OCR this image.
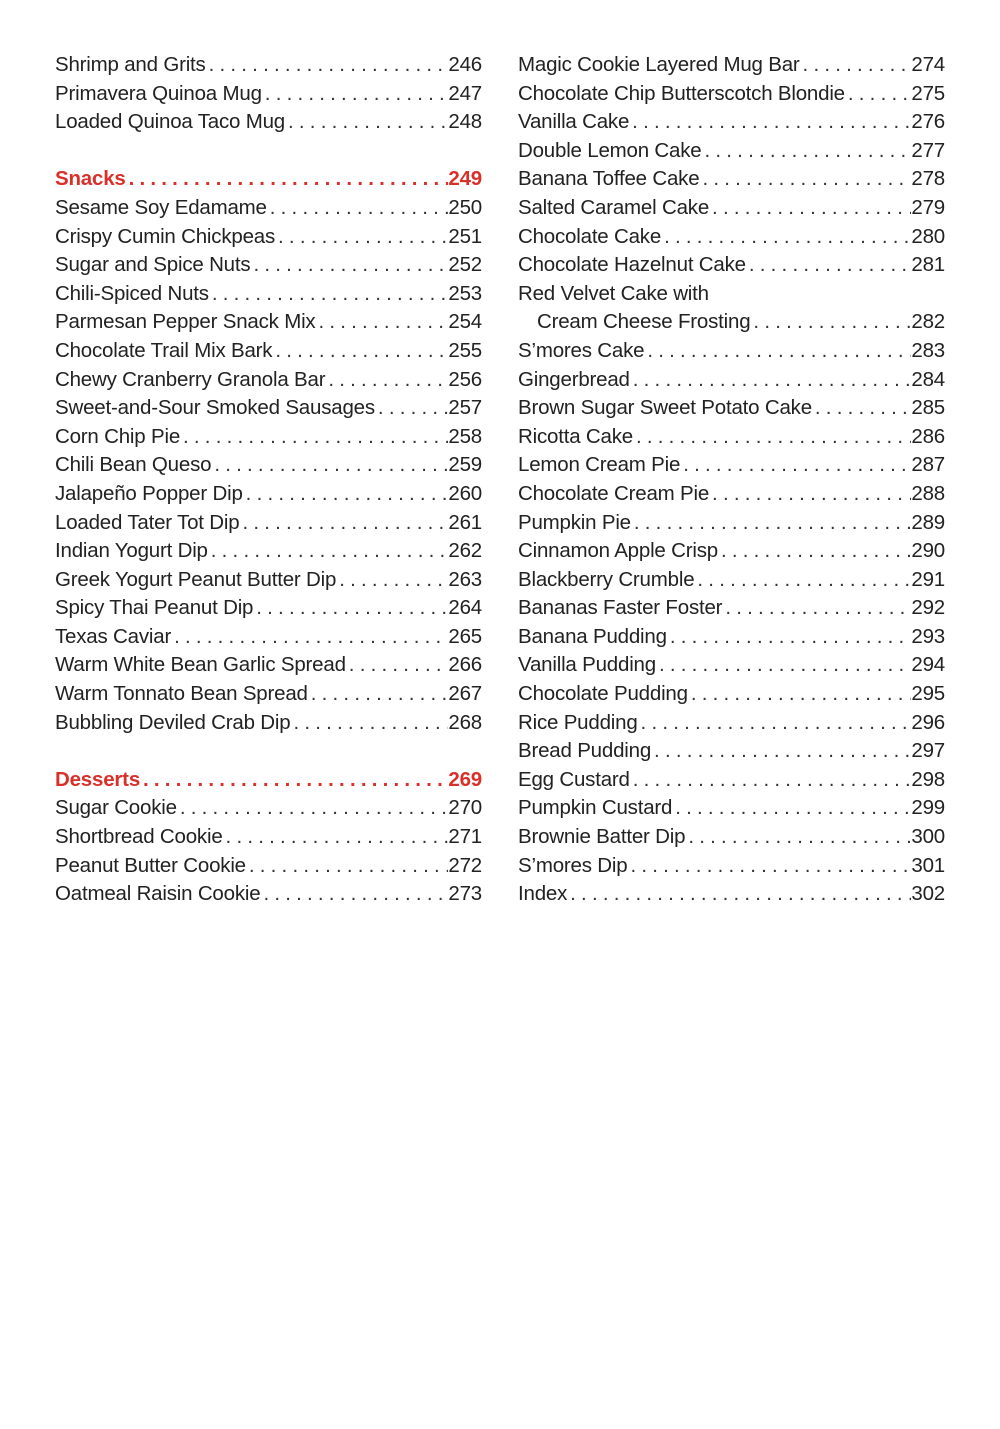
Shrimp and Grits . . .	246
Primavera Quinoa Mug . . .	247
Loaded Quinoa Taco Mug . . .	248
Snacks . . .	249
Sesame Soy Edamame . . .	250
Crispy Cumin Chickpeas . . .	251
Sugar and Spice Nuts . . .	252
Chili-Spiced Nuts . . .	253
Parmesan Pepper Snack Mix . . .	254
Chocolate Trail Mix Bark . . .	255
Chewy Cranberry Granola Bar . . .	256
Sweet-and-Sour Smoked Sausages . . .	257
Corn Chip Pie . . .	258
Chili Bean Queso . . .	259
Jalapeño Popper Dip . . .	260
Loaded Tater Tot Dip . . .	261
Indian Yogurt Dip . . .	262
Greek Yogurt Peanut Butter Dip . . .	263
Spicy Thai Peanut Dip . . .	264
Texas Caviar . . .	265
Warm White Bean Garlic Spread . . .	266
Warm Tonnato Bean Spread . . .	267
Bubbling Deviled Crab Dip . . .	268
Desserts . . .	269
Sugar Cookie . . .	270
Shortbread Cookie . . .	271
Peanut Butter Cookie . . .	272
Oatmeal Raisin Cookie . . .	273
Magic Cookie Layered Mug Bar . . .	274
Chocolate Chip Butterscotch Blondie . . .	275
Vanilla Cake . . .	276
Double Lemon Cake . . .	277
Banana Toffee Cake . . .	278
Salted Caramel Cake . . .	279
Chocolate Cake . . .	280
Chocolate Hazelnut Cake . . .	281
Red Velvet Cake with
Cream Cheese Frosting . . .	282
S’mores Cake . . .	283
Gingerbread . . .	284
Brown Sugar Sweet Potato Cake . . .	285
Ricotta Cake . . .	286
Lemon Cream Pie . . .	287
Chocolate Cream Pie . . .	288
Pumpkin Pie . . .	289
Cinnamon Apple Crisp . . .	290
Blackberry Crumble . . .	291
Bananas Faster Foster . . .	292
Banana Pudding . . .	293
Vanilla Pudding . . .	294
Chocolate Pudding . . .	295
Rice Pudding . . .	296
Bread Pudding . . .	297
Egg Custard . . .	298
Pumpkin Custard . . .	299
Brownie Batter Dip . . .	300
S’mores Dip . . .	301
Index . . .	302
